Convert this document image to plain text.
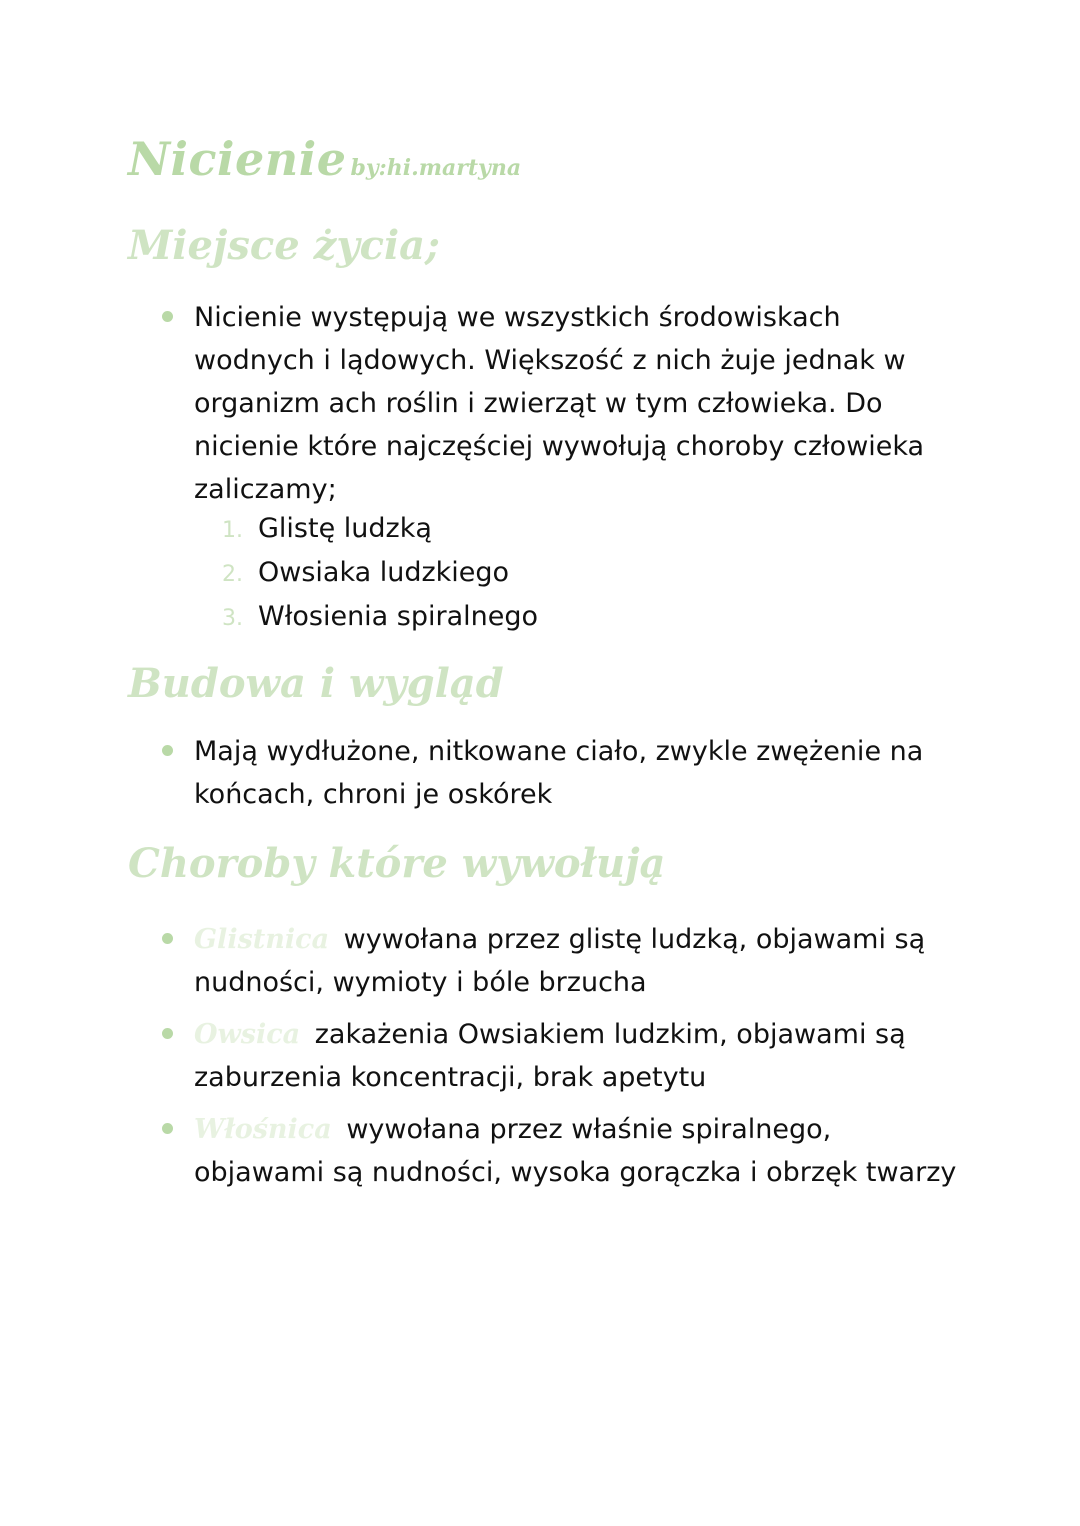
Nicienie by:hi.martyna
Miejsce życia;
Nicienie występują we wszystkich środowiskach wodnych i lądowych. Większość z nich żuje jednak w organizm ach roślin i zwierząt w tym człowieka. Do nicienie które najczęściej wywołują choroby człowieka zaliczamy;
1. Glistę ludzką
2. Owsiaka ludzkiego
3. Włosienia spiralnego
Budowa i wygląd
Mają wydłużone, nitkowane ciało, zwykle zwężenie na końcach, chroni je oskórek
Choroby które wywołują
Glistnica wywołana przez glistę ludzką, objawami są nudności, wymioty i bóle brzucha
Owsica zakażenia Owsiakiem ludzkim, objawami są zaburzenia koncentracji, brak apetytu
Włośnica wywołana przez właśnie spiralnego, objawami są nudności, wysoka gorączka i obrzęk twarzy
